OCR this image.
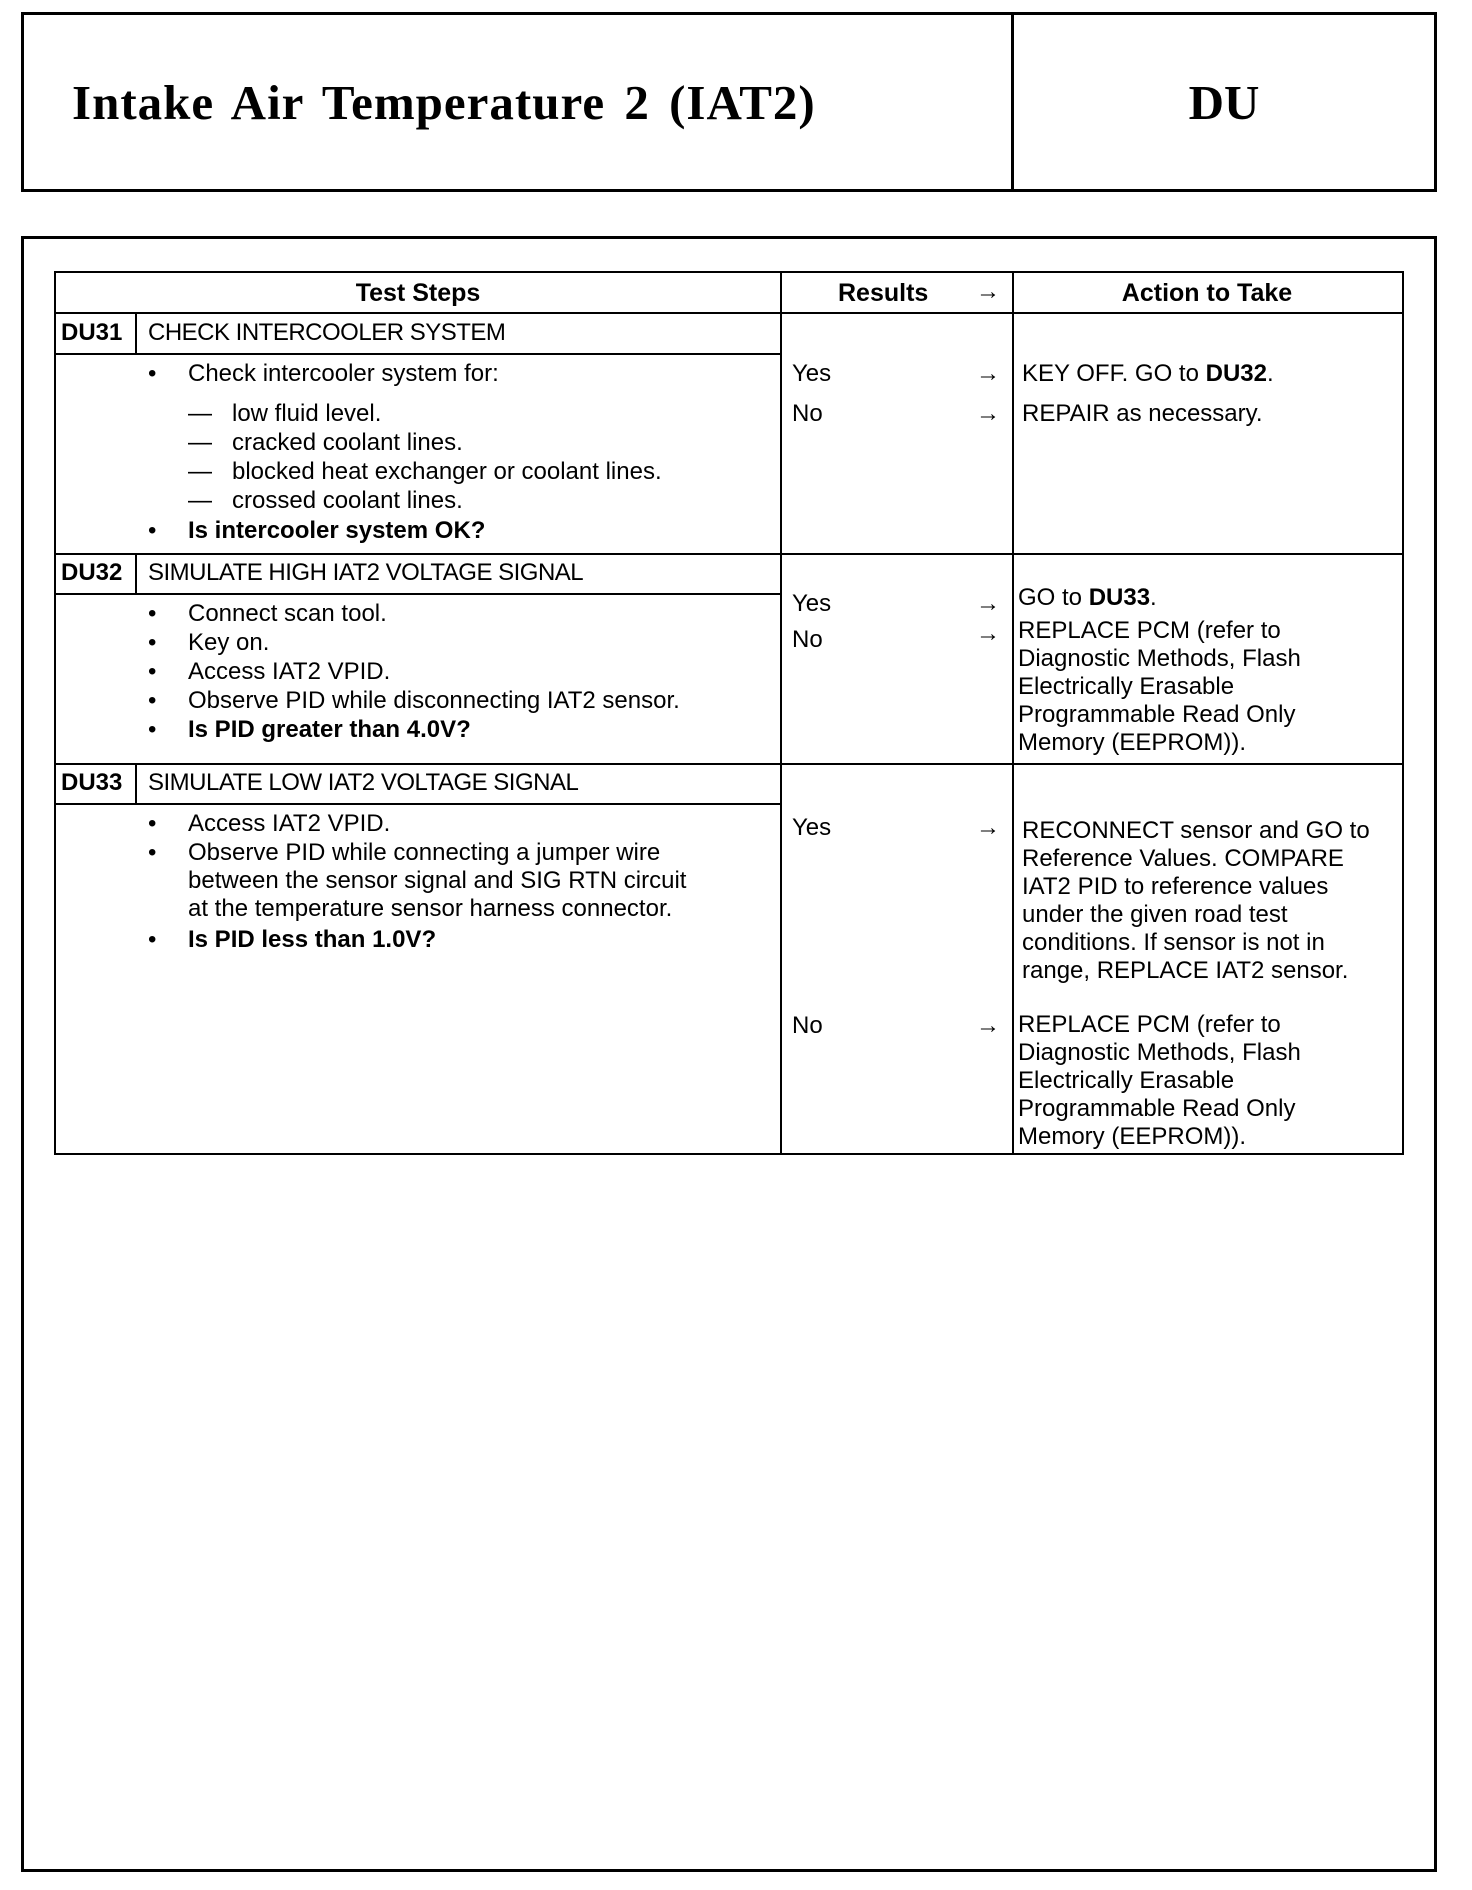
Intake Air Temperature 2 (IAT2)	DU
Test Steps	Results →	Action to Take
DU31 CHECK INTERCOOLER SYSTEM
• Check intercooler system for:
— low fluid level.
— cracked coolant lines.
— blocked heat exchanger or coolant lines.
— crossed coolant lines.
• Is intercooler system OK?
Yes	→ KEY OFF. GO to DU32.
No	→ REPAIR as necessary.
DU32 SIMULATE HIGH IAT2 VOLTAGE SIGNAL
• Connect scan tool.
• Key on.
• Access IAT2 VPID.
• Observe PID while disconnecting IAT2 sensor.
• Is PID greater than 4.0V?
Yes	→ GO to DU33.
No	→ REPLACE PCM (refer to
Diagnostic Methods, Flash
Electrically Erasable
Programmable Read Only
Memory (EEPROM)).
DU33 SIMULATE LOW IAT2 VOLTAGE SIGNAL
• Access IAT2 VPID.
• Observe PID while connecting a jumper wire
between the sensor signal and SIG RTN circuit
at the temperature sensor harness connector.
• Is PID less than 1.0V?
Yes	→ RECONNECT sensor and GO to
Reference Values. COMPARE
IAT2 PID to reference values
under the given road test
conditions. If sensor is not in
range, REPLACE IAT2 sensor.
No	→ REPLACE PCM (refer to
Diagnostic Methods, Flash
Electrically Erasable
Programmable Read Only
Memory (EEPROM)).
